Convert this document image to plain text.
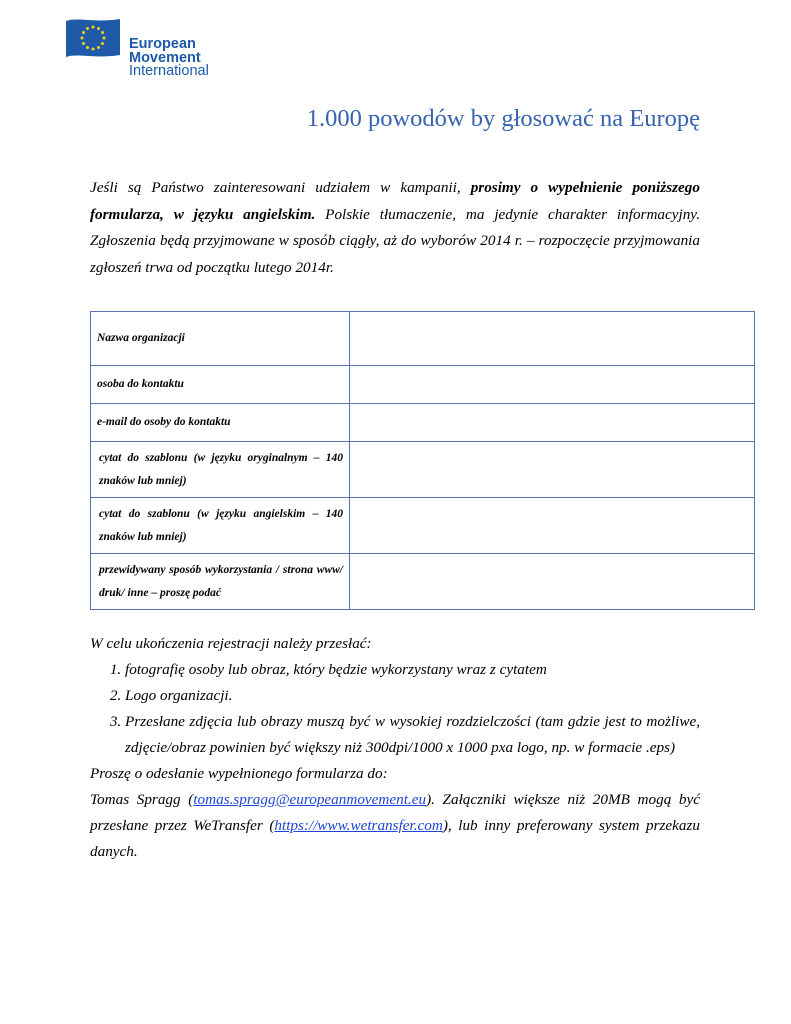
European
Movement
International
1.000 powodów by głosować na Europę

Jeśli są Państwo zainteresowani udziałem w kampanii, prosimy o wypełnienie poniższego formularza, w języku angielskim. Polskie tłumaczenie, ma jedynie charakter informacyjny. Zgłoszenia będą przyjmowane w sposób ciągły, aż do wyborów 2014 r. – rozpoczęcie przyjmowania zgłoszeń trwa od początku lutego 2014r.

Nazwa organizacji	
osoba do kontaktu	
e-mail do osoby do kontaktu	
cytat do szablonu (w języku oryginalnym – 140 znaków lub mniej)	
cytat do szablonu (w języku angielskim – 140 znaków lub mniej)	
przewidywany sposób wykorzystania / strona www/ druk/ inne – proszę podać	

W celu ukończenia rejestracji należy przesłać:

1. fotografię osoby lub obraz, który będzie wykorzystany wraz z cytatem
2. Logo organizacji.
3. Przesłane zdjęcia lub obrazy muszą być w wysokiej rozdzielczości (tam gdzie jest to możliwe, zdjęcie/obraz powinien być większy niż 300dpi/1000 x 1000 pxa logo, np. w formacie .eps)

Proszę o odesłanie wypełnionego formularza do:

Tomas Spragg (tomas.spragg@europeanmovement.eu). Załączniki większe niż 20MB mogą być przesłane przez WeTransfer (https://www.wetransfer.com), lub inny preferowany system przekazu danych.
